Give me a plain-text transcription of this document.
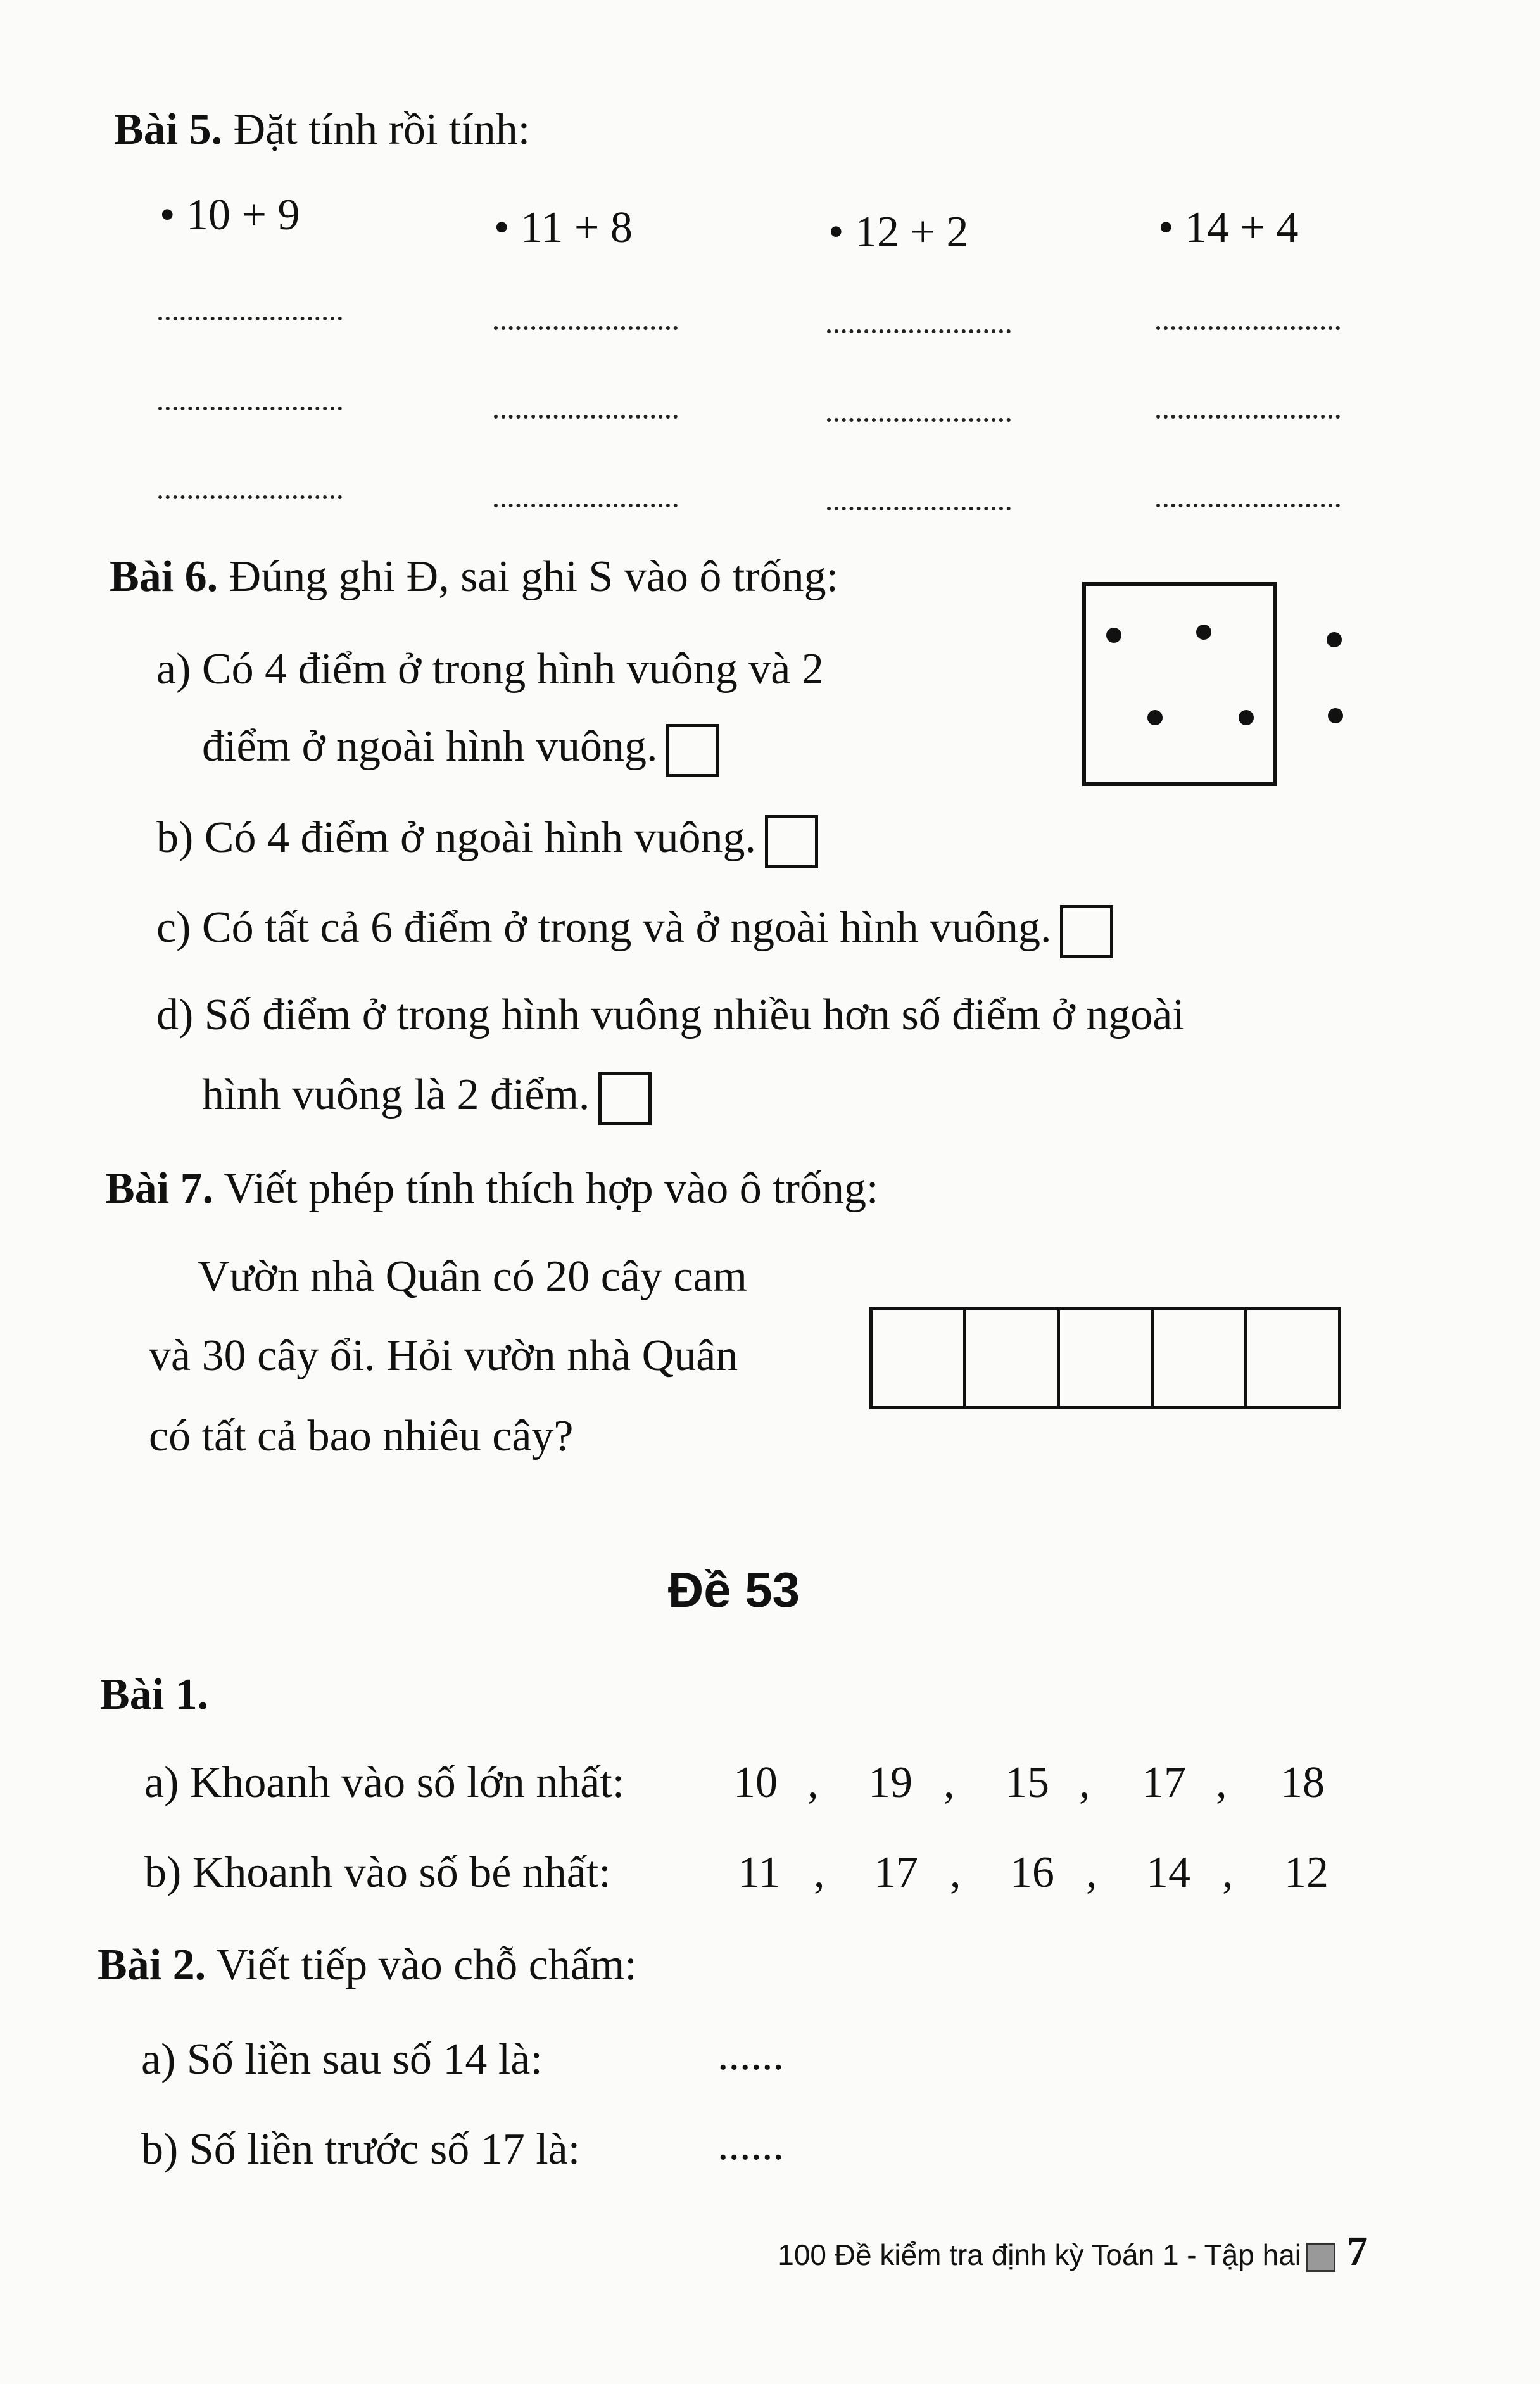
Bài 5. Đặt tính rồi tính:
• 10 + 9	• 11 + 8	• 12 + 2	• 14 + 4
Bài 6. Đúng ghi Đ, sai ghi S vào ô trống:
a) Có 4 điểm ở trong hình vuông và 2
điểm ở ngoài hình vuông.
b) Có 4 điểm ở ngoài hình vuông.
c) Có tất cả 6 điểm ở trong và ở ngoài hình vuông.
d) Số điểm ở trong hình vuông nhiều hơn số điểm ở ngoài
hình vuông là 2 điểm.
Bài 7. Viết phép tính thích hợp vào ô trống:
Vườn nhà Quân có 20 cây cam
và 30 cây ổi. Hỏi vườn nhà Quân
có tất cả bao nhiêu cây?
Đề 53
Bài 1.
a) Khoanh vào số lớn nhất: 10 , 19 , 15 , 17 , 18
b) Khoanh vào số bé nhất:	11 , 17 , 16 , 14 , 12
Bài 2. Viết tiếp vào chỗ chấm:
a) Số liền sau số 14 là:	......
b) Số liền trước số 17 là:	......
100 Đề kiểm tra định kỳ Toán 1 - Tập hai 7
